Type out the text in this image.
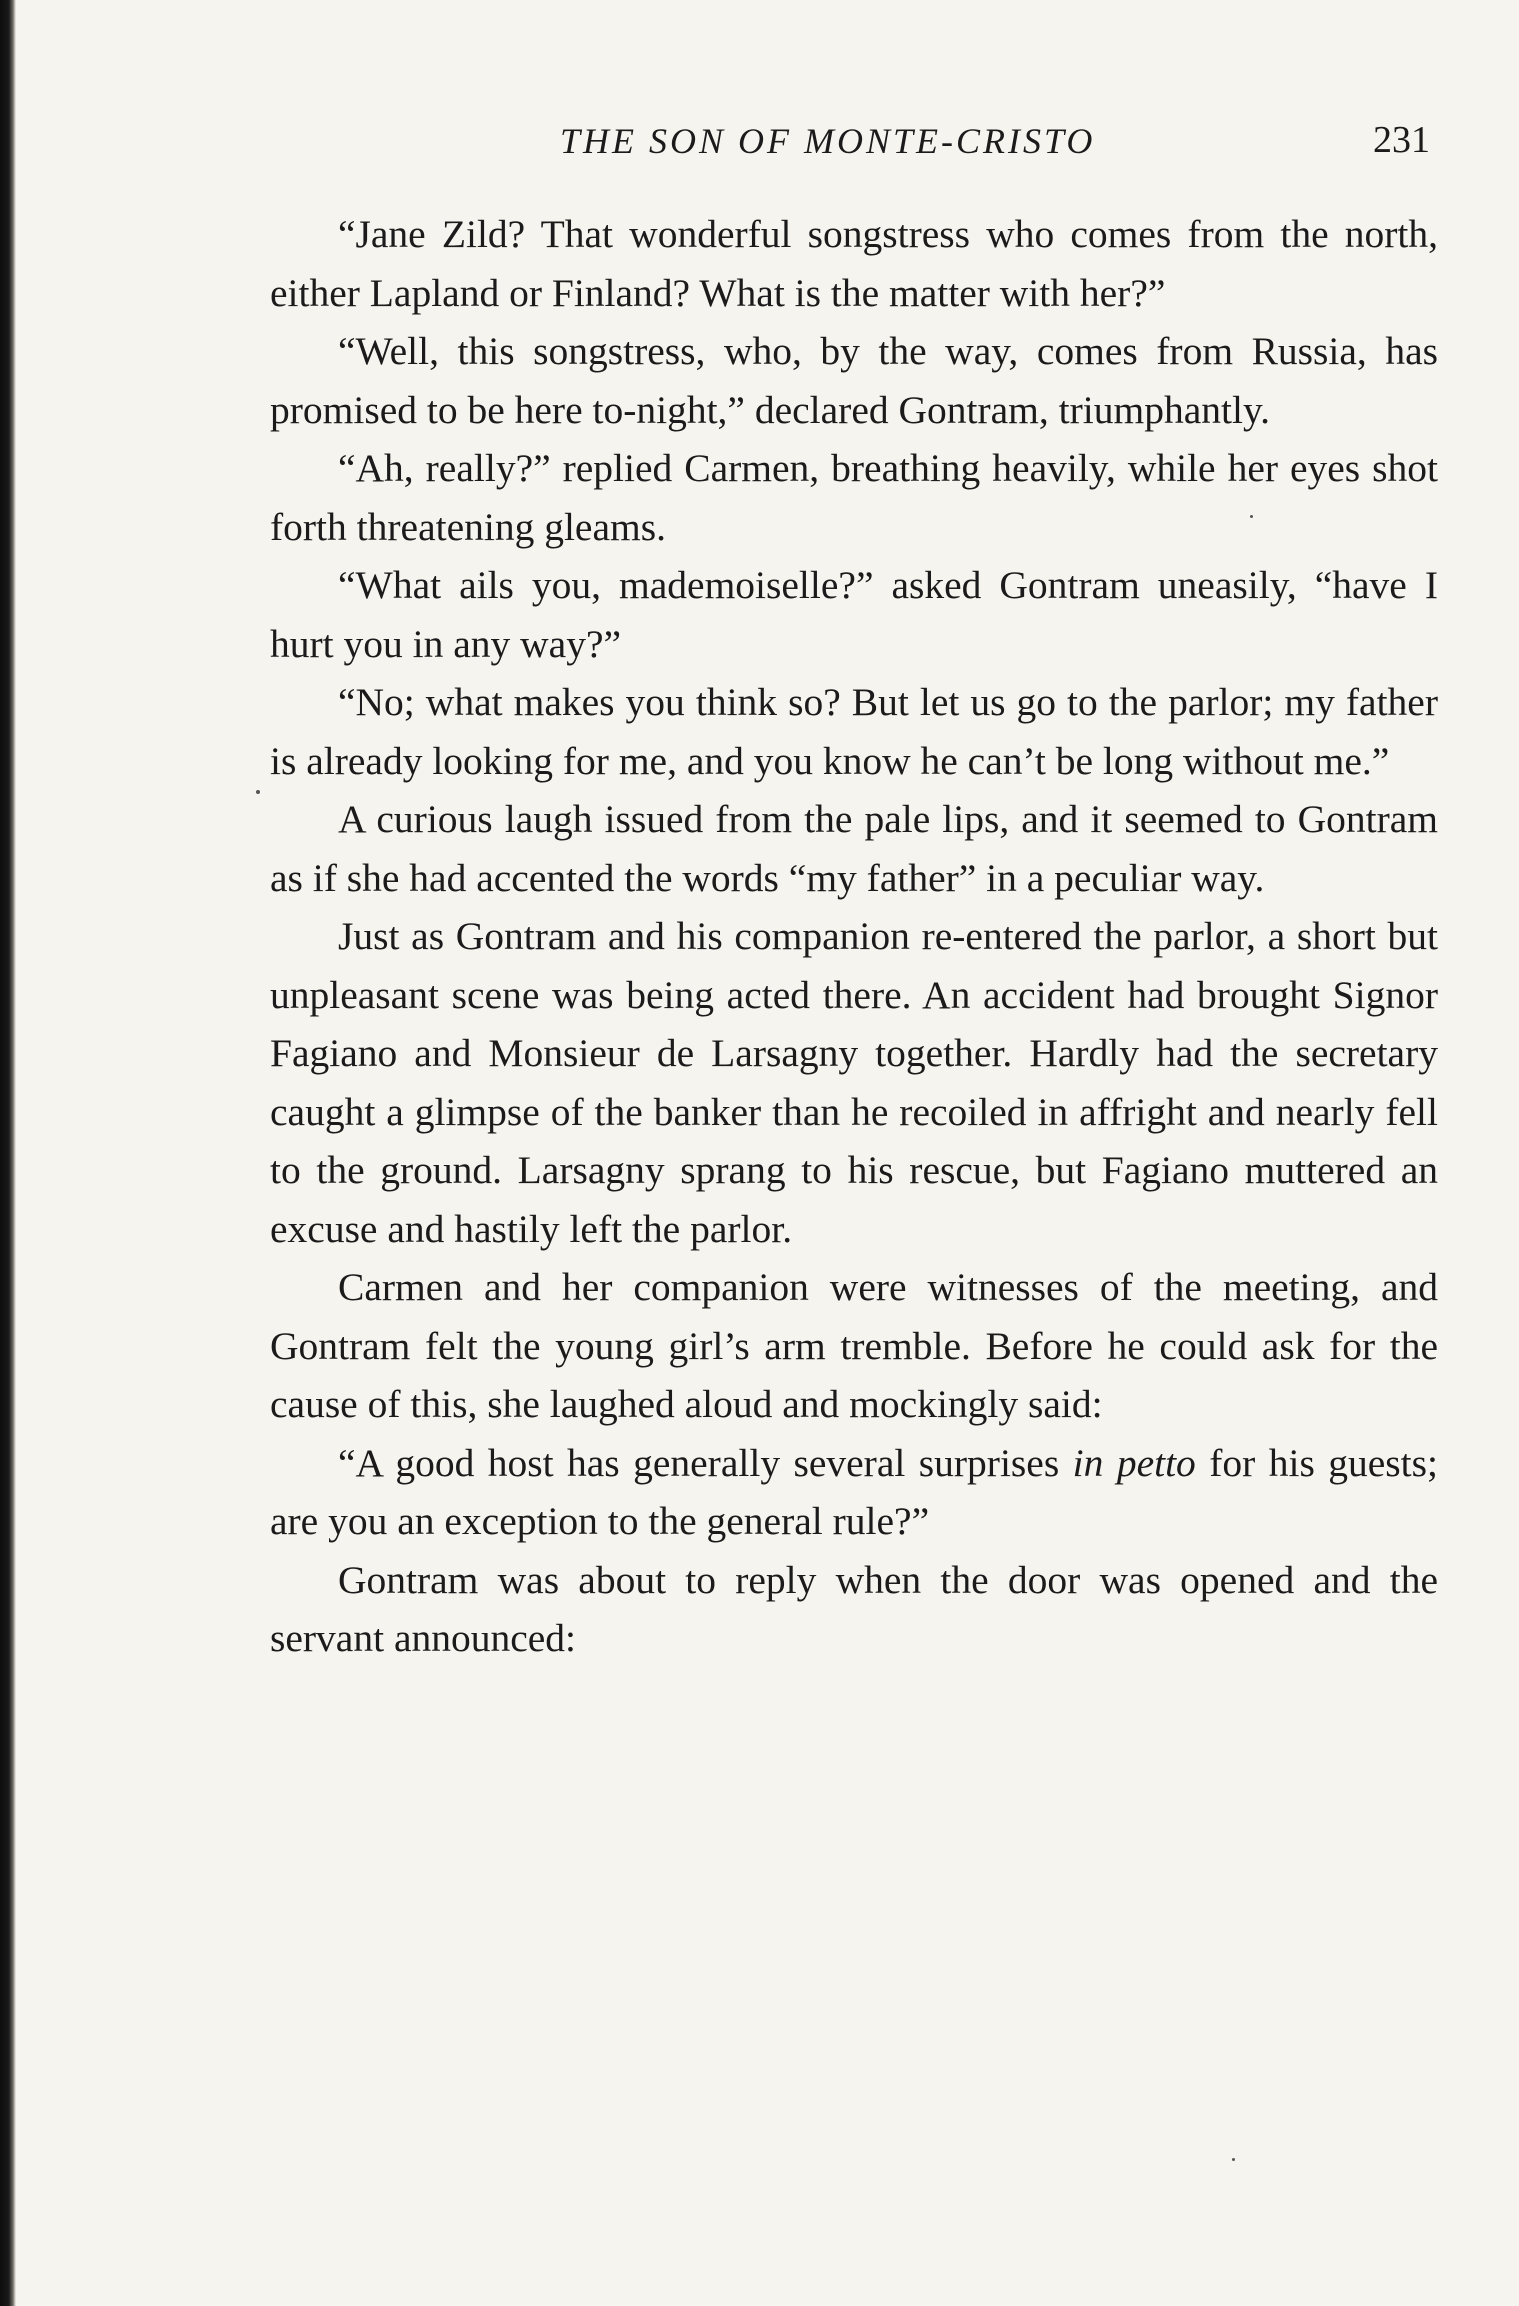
THE SON OF MONTE-CRISTO	231

“Jane Zild? That wonderful songstress who comes from the north, either Lapland or Finland? What is the matter with her?”

“Well, this songstress, who, by the way, comes from Russia, has promised to be here to-night,” declared Gontram, triumphantly.

“Ah, really?” replied Carmen, breathing heavily, while her eyes shot forth threatening gleams.

“What ails you, mademoiselle?” asked Gontram uneasily, “have I hurt you in any way?”

“No; what makes you think so? But let us go to the parlor; my father is already looking for me, and you know he can’t be long without me.”

A curious laugh issued from the pale lips, and it seemed to Gontram as if she had accented the words “my father” in a peculiar way.

Just as Gontram and his companion re-entered the parlor, a short but unpleasant scene was being acted there. An accident had brought Signor Fagiano and Monsieur de Larsagny together. Hardly had the secretary caught a glimpse of the banker than he recoiled in affright and nearly fell to the ground. Larsagny sprang to his rescue, but Fagiano muttered an excuse and hastily left the parlor.

Carmen and her companion were witnesses of the meeting, and Gontram felt the young girl’s arm tremble. Before he could ask for the cause of this, she laughed aloud and mockingly said:

“A good host has generally several surprises in petto for his guests; are you an exception to the general rule?”

Gontram was about to reply when the door was opened and the servant announced:
